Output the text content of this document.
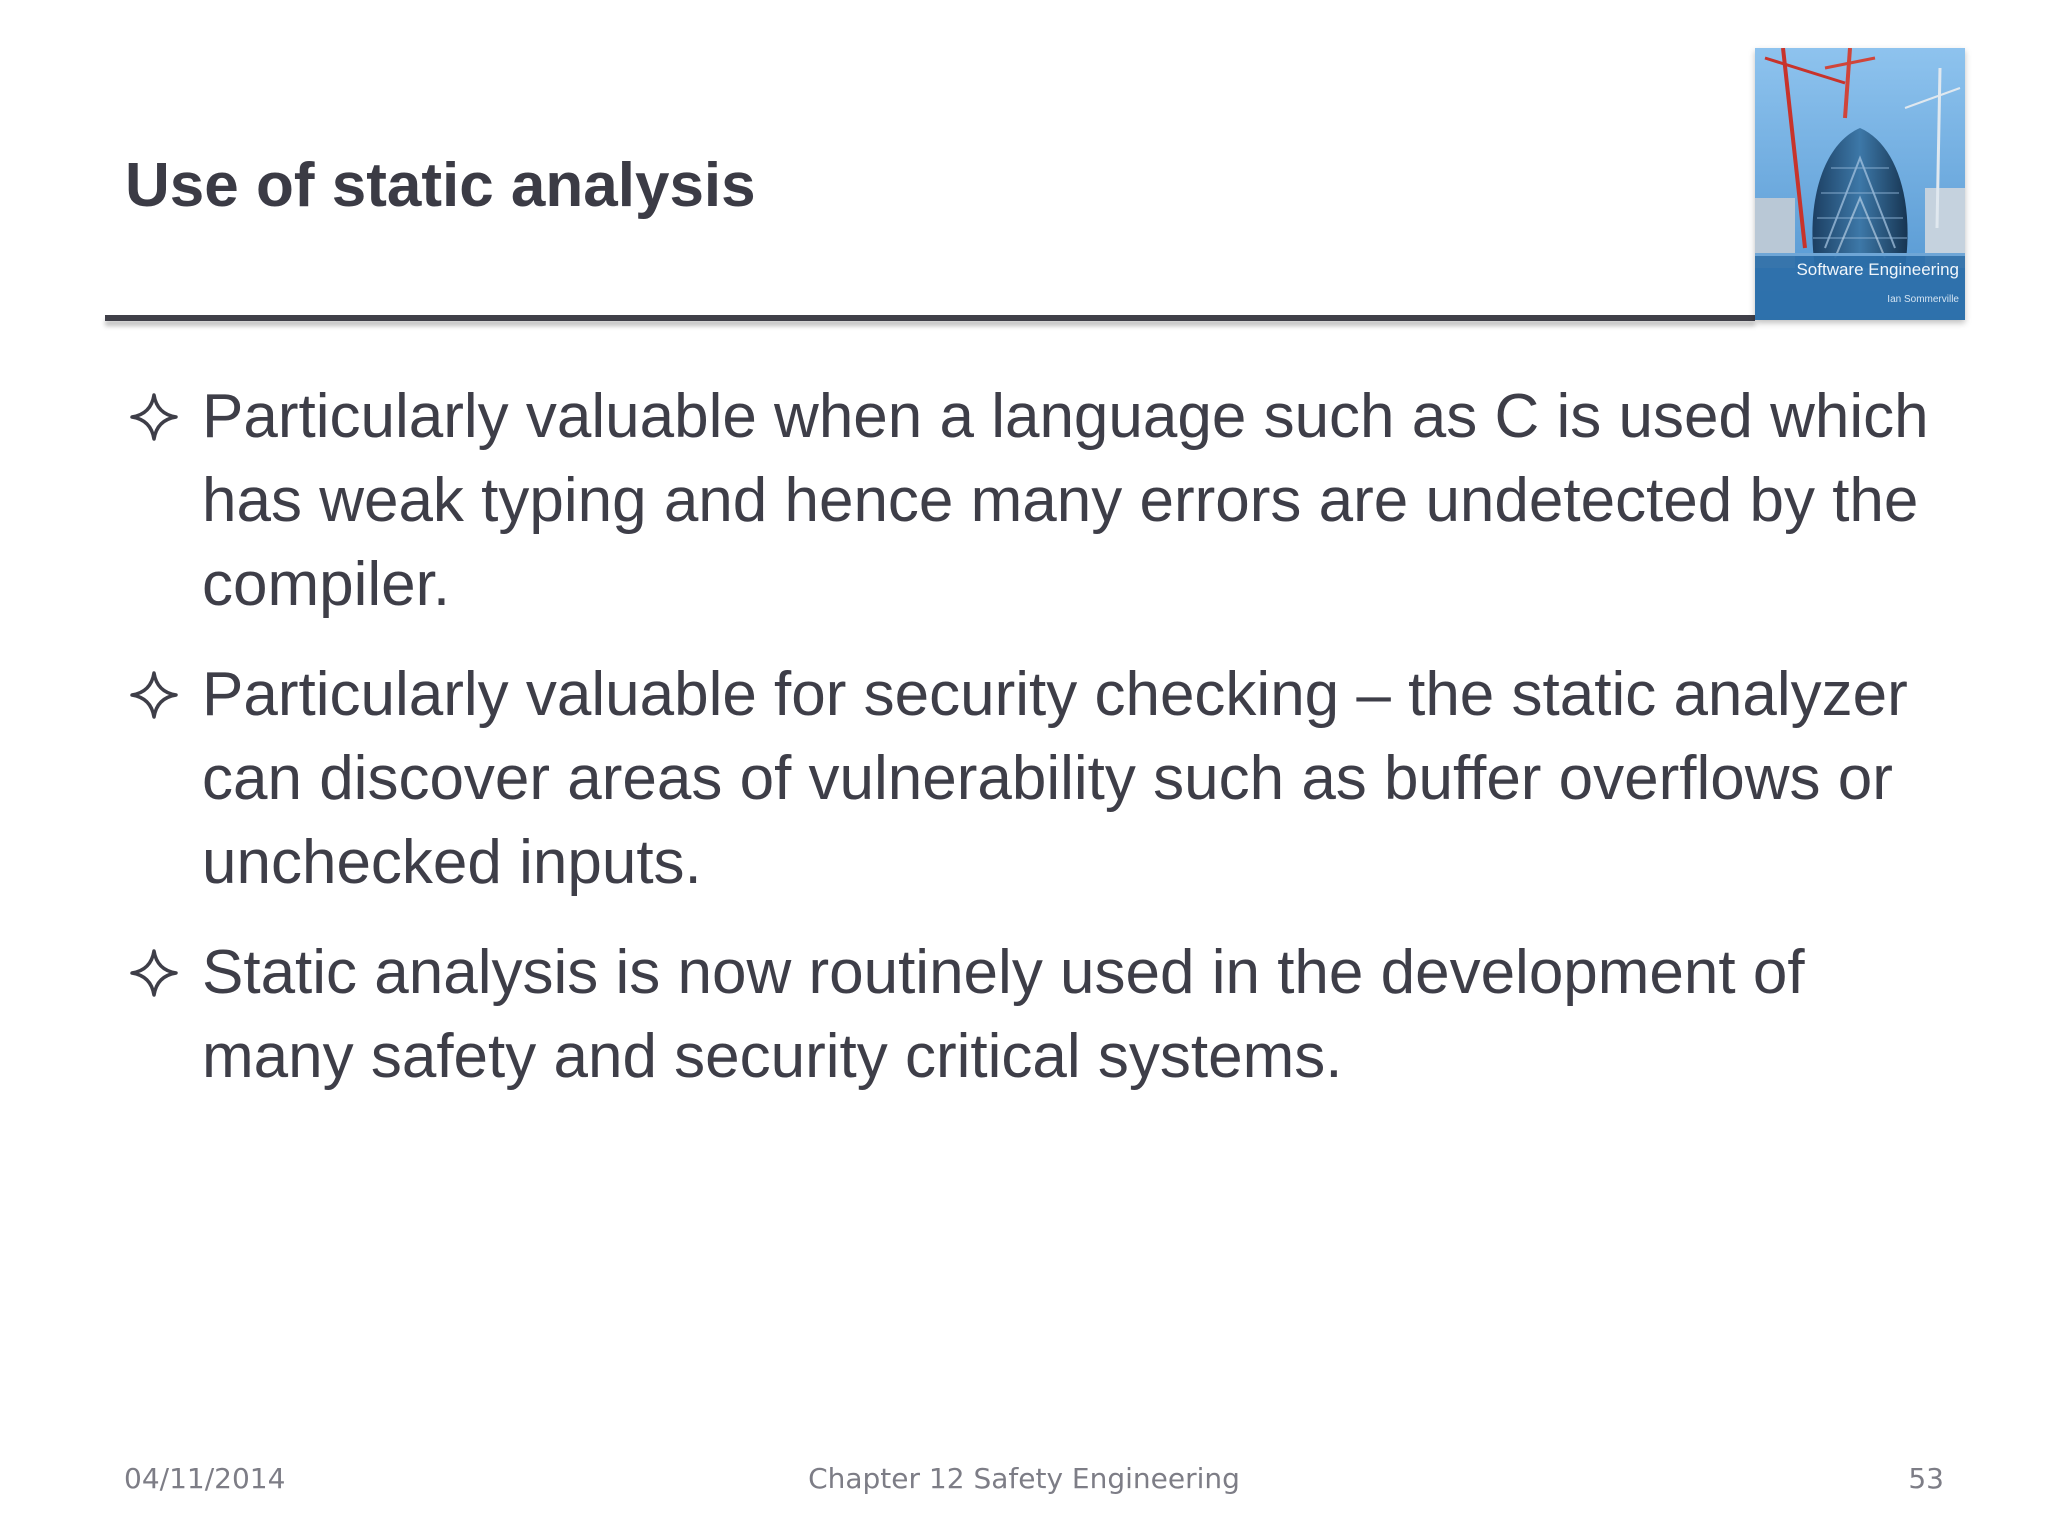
Use of static analysis
Software Engineering
Ian Sommerville
Particularly valuable when a language such as C is used which has weak typing and hence many errors are undetected by the compiler.
Particularly valuable for security checking – the static analyzer can discover areas of vulnerability such as buffer overflows or unchecked inputs.
Static analysis is now routinely used in the development of many safety and security critical systems.
04/11/2014	Chapter 12 Safety Engineering	53
